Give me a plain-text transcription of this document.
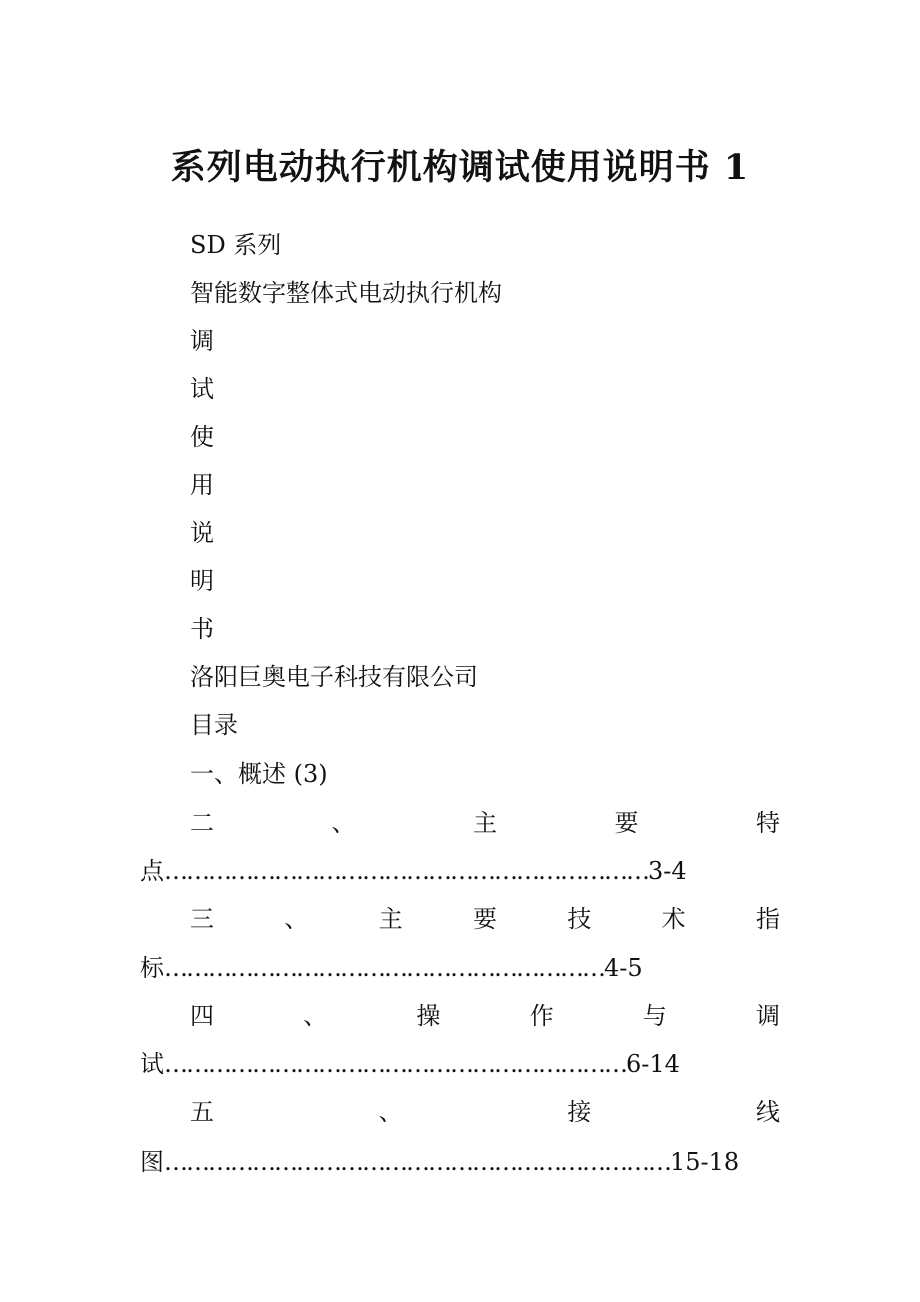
系列电动执行机构调试使用说明书 1
SD 系列
智能数字整体式电动执行机构
调
试
使
用
说
明
书
洛阳巨奥电子科技有限公司
目录
一、概述 (3)
二	、	主	要	特
点…………………………………………………………3-4
三	、	主	要	技	术	指
标……………………………………………………4-5
四	、	操	作	与	调
试………………………………………………………6-14
五	、	接	线
图……………………………………………………………15-18
